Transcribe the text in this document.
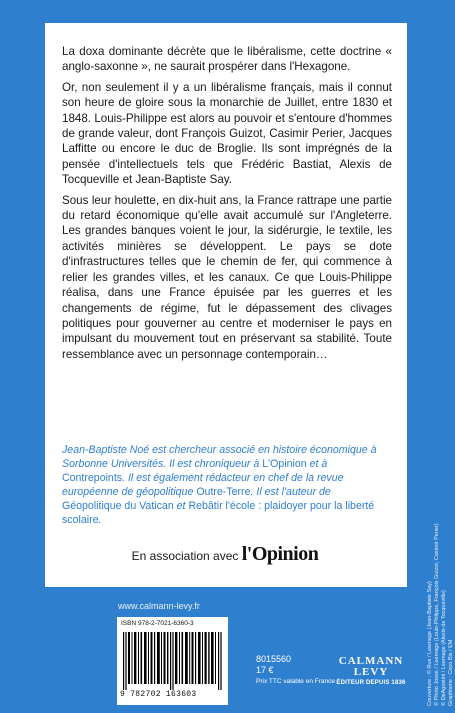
La doxa dominante décrète que le libéralisme, cette doctrine « anglo-saxonne », ne saurait prospérer dans l'Hexagone.

Or, non seulement il y a un libéralisme français, mais il connut son heure de gloire sous la monarchie de Juillet, entre 1830 et 1848. Louis-Philippe est alors au pouvoir et s'entoure d'hommes de grande valeur, dont François Guizot, Casimir Perier, Jacques Laffitte ou encore le duc de Broglie. Ils sont imprégnés de la pensée d'intellectuels tels que Frédéric Bastiat, Alexis de Tocqueville et Jean-Baptiste Say.

Sous leur houlette, en dix-huit ans, la France rattrape une partie du retard économique qu'elle avait accumulé sur l'Angleterre. Les grandes banques voient le jour, la sidérurgie, le textile, les activités minières se développent. Le pays se dote d'infrastructures telles que le chemin de fer, qui commence à relier les grandes villes, et les canaux. Ce que Louis-Philippe réalisa, dans une France épuisée par les guerres et les changements de régime, fut le dépassement des clivages politiques pour gouverner au centre et moderniser le pays en impulsant du mouvement tout en préservant sa stabilité. Toute ressemblance avec un personnage contemporain…

Jean-Baptiste Noé est chercheur associé en histoire économique à Sorbonne Universités. Il est chroniqueur à L'Opinion et à Contrepoints. Il est également rédacteur en chef de la revue européenne de géopolitique Outre-Terre. Il est l'auteur de Géopolitique du Vatican et Rebâtir l'école : plaidoyer pour la liberté scolaire.
En association avec l'Opinion
www.calmann-levy.fr
ISBN 978-2-7021-6360-3
9 782702 163603
8015560
17 €
Prix TTC valable en France
CALMANN
LEVY
ÉDITEUR DEPUIS 1836	Couverture : © Rue / Leemage (Jean-Baptiste Say) © Photo Josse / Leemage (Louis-Philippe, François Guizot, Casimir Perier) © DeAgostini / Leemage (Alexis de Tocqueville) Graphisme : Coco Bis / EM
